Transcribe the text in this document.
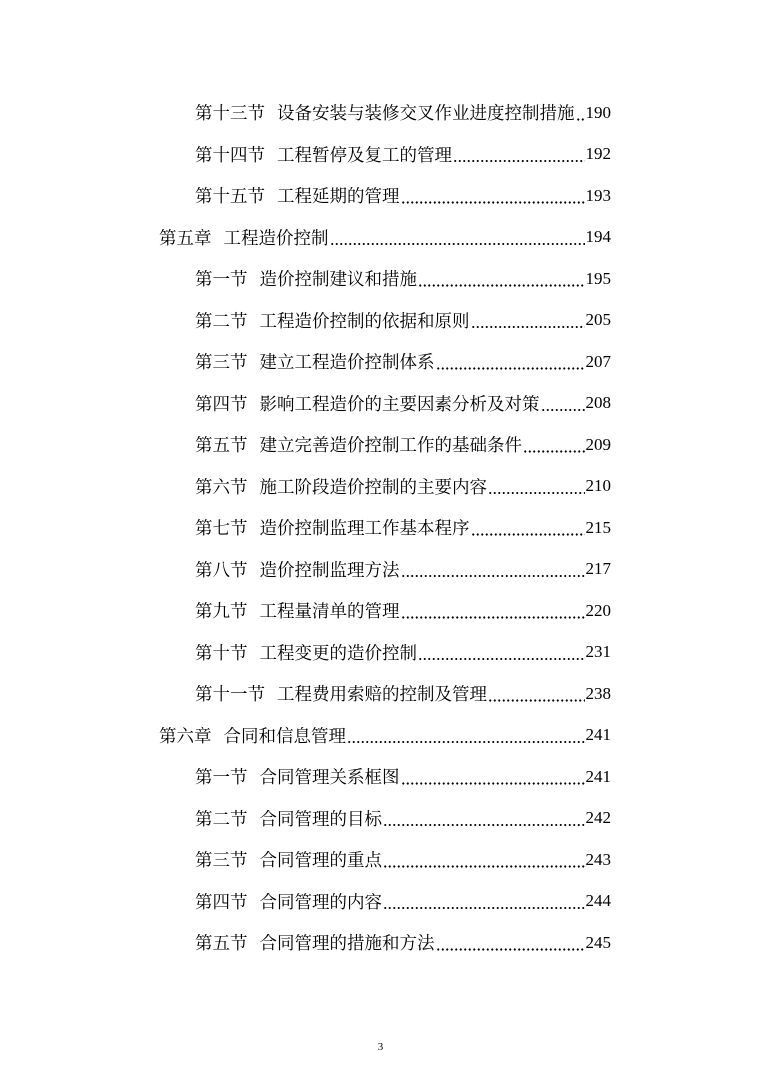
第十三节 设备安装与装修交叉作业进度控制措施 190
第十四节 工程暂停及复工的管理	192
第十五节 工程延期的管理	193
第五章 工程造价控制	194
第一节 造价控制建议和措施	195
第二节 工程造价控制的依据和原则	205
第三节 建立工程造价控制体系	207
第四节 影响工程造价的主要因素分析及对策	208
第五节 建立完善造价控制工作的基础条件	209
第六节 施工阶段造价控制的主要内容	210
第七节 造价控制监理工作基本程序	215
第八节 造价控制监理方法	217
第九节 工程量清单的管理	220
第十节 工程变更的造价控制	231
第十一节 工程费用索赔的控制及管理	238
第六章 合同和信息管理	241
第一节 合同管理关系框图	241
第二节 合同管理的目标	242
第三节 合同管理的重点	243
第四节 合同管理的内容	244
第五节 合同管理的措施和方法	245
3
